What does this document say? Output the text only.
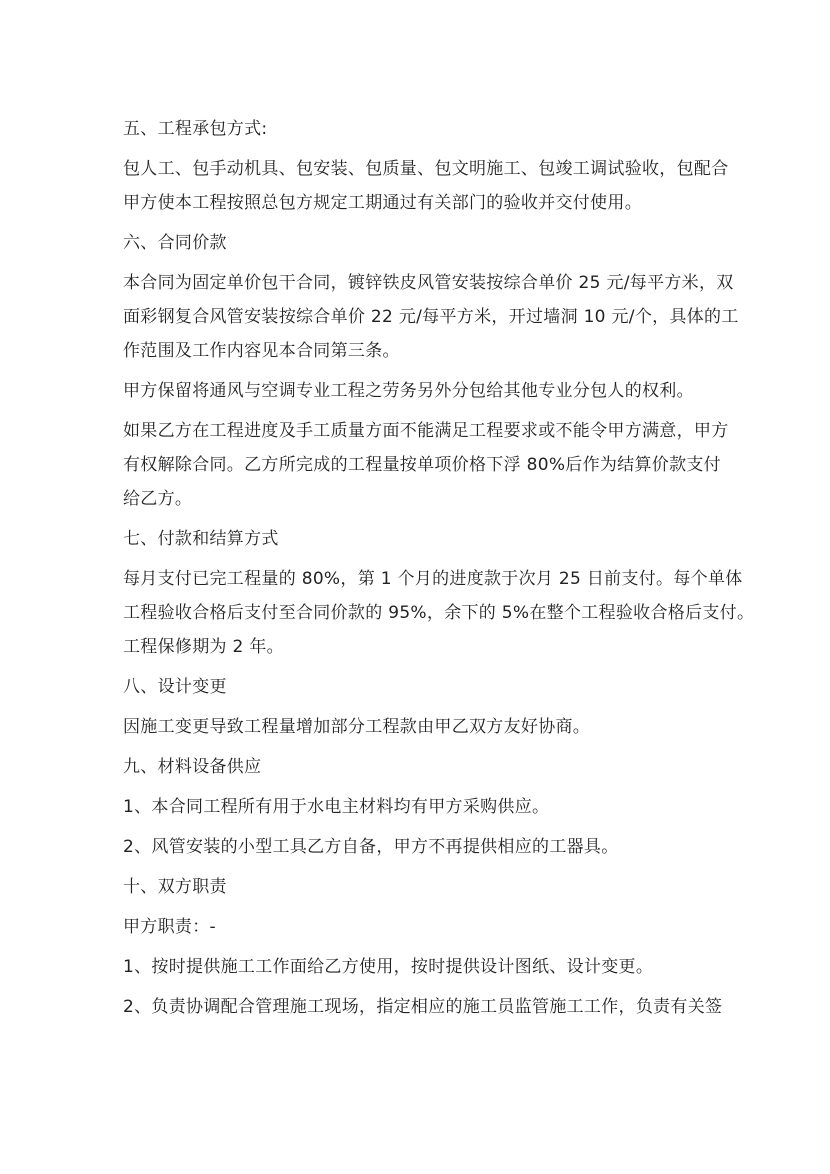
五、工程承包方式:
包人工、包手动机具、包安装、包质量、包文明施工、包竣工调试验收，包配合
甲方使本工程按照总包方规定工期通过有关部门的验收并交付使用。
六、合同价款
本合同为固定单价包干合同，镀锌铁皮风管安装按综合单价 25 元/每平方米，双
面彩钢复合风管安装按综合单价 22 元/每平方米，开过墙洞 10 元/个，具体的工
作范围及工作内容见本合同第三条。
甲方保留将通风与空调专业工程之劳务另外分包给其他专业分包人的权利。
如果乙方在工程进度及手工质量方面不能满足工程要求或不能令甲方满意，甲方
有权解除合同。乙方所完成的工程量按单项价格下浮 80%后作为结算价款支付
给乙方。
七、付款和结算方式
每月支付已完工程量的 80%，第 1 个月的进度款于次月 25 日前支付。每个单体
工程验收合格后支付至合同价款的 95%，余下的 5%在整个工程验收合格后支付。
工程保修期为 2 年。
八、设计变更
因施工变更导致工程量增加部分工程款由甲乙双方友好协商。
九、材料设备供应
1、本合同工程所有用于水电主材料均有甲方采购供应。
2、风管安装的小型工具乙方自备，甲方不再提供相应的工器具。
十、双方职责
甲方职责：-
1、按时提供施工工作面给乙方使用，按时提供设计图纸、设计变更。
2、负责协调配合管理施工现场，指定相应的施工员监管施工工作，负责有关签
